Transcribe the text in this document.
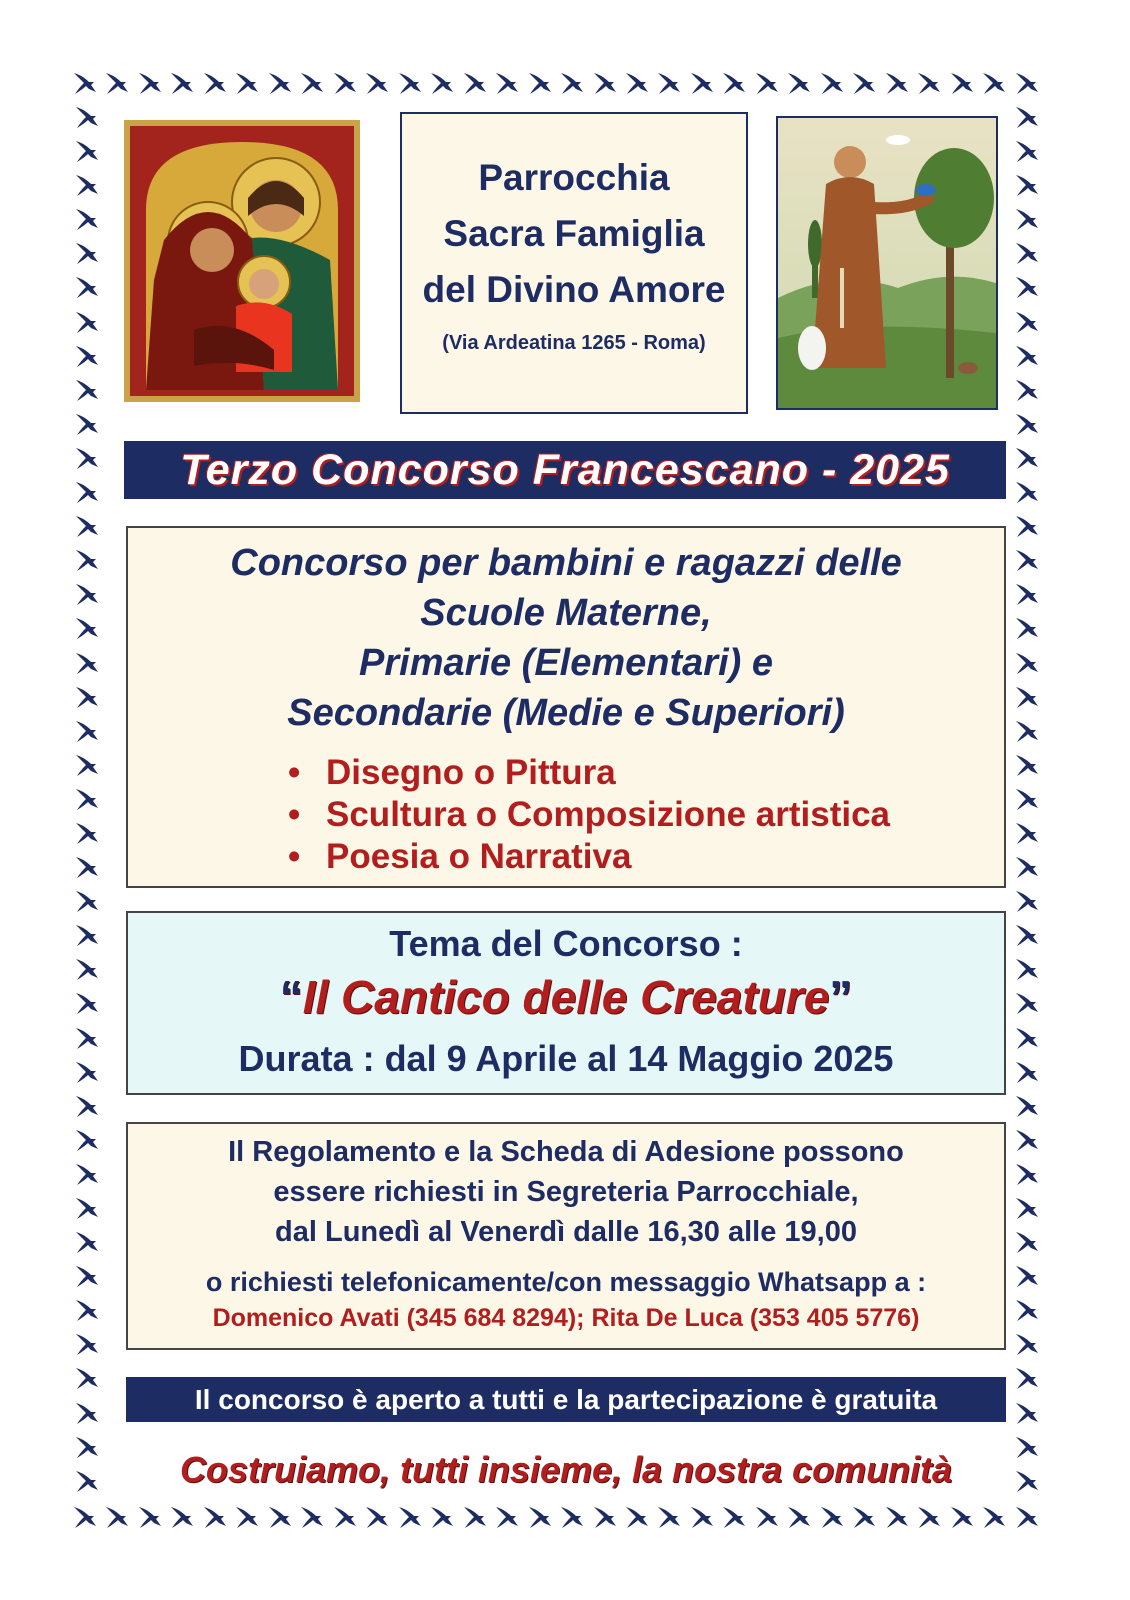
Parrocchia
Sacra Famiglia
del Divino Amore
(Via Ardeatina 1265 - Roma)
Terzo Concorso Francescano - 2025
Concorso per bambini e ragazzi delle
Scuole Materne,
Primarie (Elementari) e
Secondarie (Medie e Superiori)
• Disegno o Pittura
• Scultura o Composizione artistica
• Poesia o Narrativa
Tema del Concorso :
“Il Cantico delle Creature”
Durata : dal 9 Aprile al 14 Maggio 2025
Il Regolamento e la Scheda di Adesione possono
essere richiesti in Segreteria Parrocchiale,
dal Lunedì al Venerdì dalle 16,30 alle 19,00
o richiesti telefonicamente/con messaggio Whatsapp a :
Domenico Avati (345 684 8294); Rita De Luca (353 405 5776)
Il concorso è aperto a tutti e la partecipazione è gratuita
Costruiamo, tutti insieme, la nostra comunità
